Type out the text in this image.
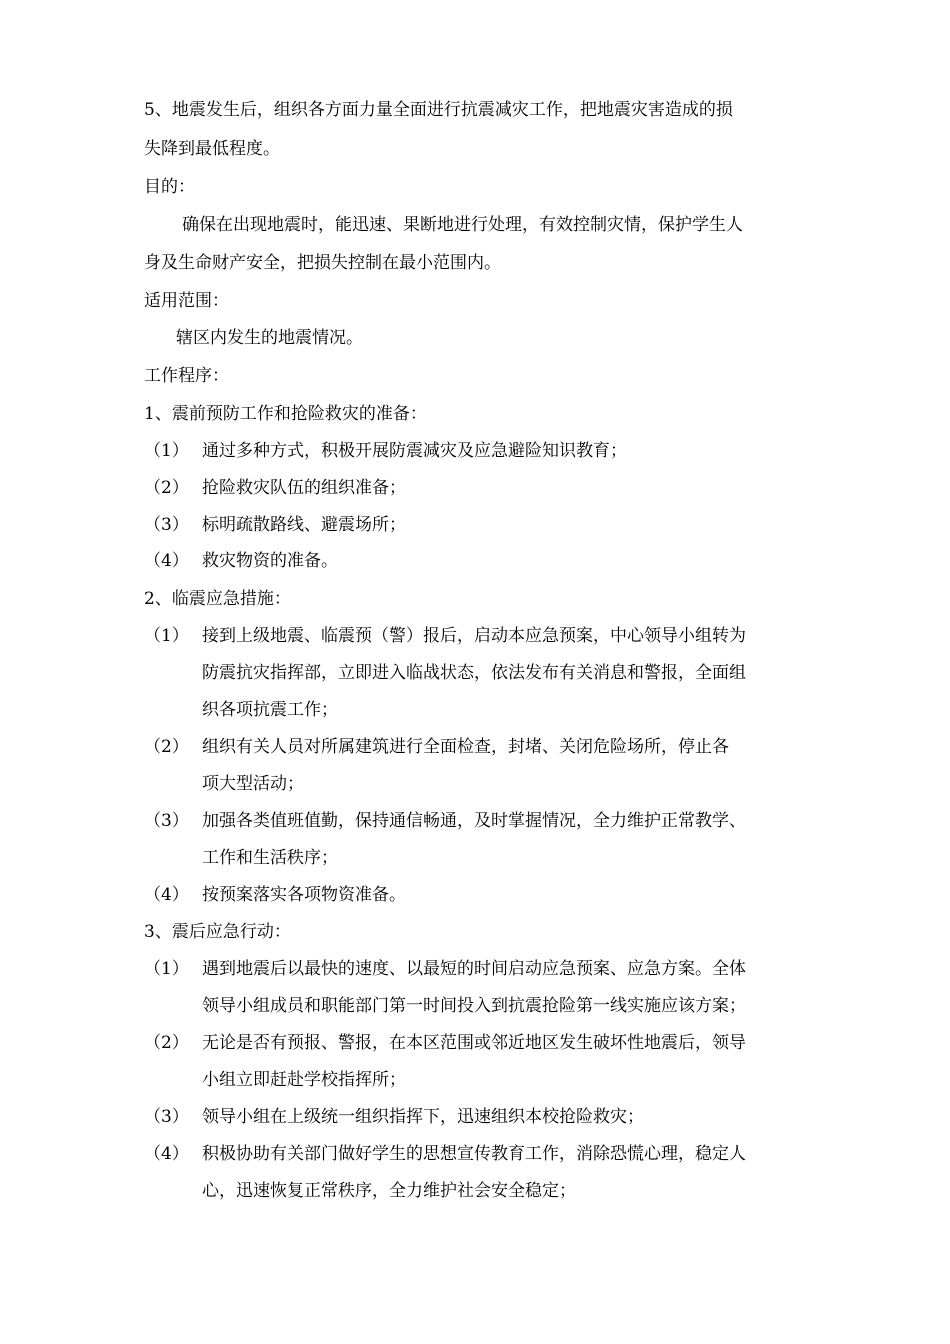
5、地震发生后，组织各方面力量全面进行抗震减灾工作，把地震灾害造成的损
失降到最低程度。
目的：
确保在出现地震时，能迅速、果断地进行处理，有效控制灾情，保护学生人
身及生命财产安全，把损失控制在最小范围内。
适用范围：
辖区内发生的地震情况。
工作程序：
1、震前预防工作和抢险救灾的准备：
（1） 通过多种方式，积极开展防震减灾及应急避险知识教育；
（2） 抢险救灾队伍的组织准备；
（3） 标明疏散路线、避震场所；
（4） 救灾物资的准备。
2、临震应急措施：
（1） 接到上级地震、临震预（警）报后，启动本应急预案，中心领导小组转为
防震抗灾指挥部，立即进入临战状态，依法发布有关消息和警报，全面组
织各项抗震工作；
（2） 组织有关人员对所属建筑进行全面检查，封堵、关闭危险场所，停止各
项大型活动；
（3） 加强各类值班值勤，保持通信畅通，及时掌握情况，全力维护正常教学、
工作和生活秩序；
（4） 按预案落实各项物资准备。
3、震后应急行动：
（1） 遇到地震后以最快的速度、以最短的时间启动应急预案、应急方案。全体
领导小组成员和职能部门第一时间投入到抗震抢险第一线实施应该方案；
（2） 无论是否有预报、警报，在本区范围或邻近地区发生破坏性地震后，领导
小组立即赶赴学校指挥所；
（3） 领导小组在上级统一组织指挥下，迅速组织本校抢险救灾；
（4） 积极协助有关部门做好学生的思想宣传教育工作，消除恐慌心理，稳定人
心，迅速恢复正常秩序，全力维护社会安全稳定；
